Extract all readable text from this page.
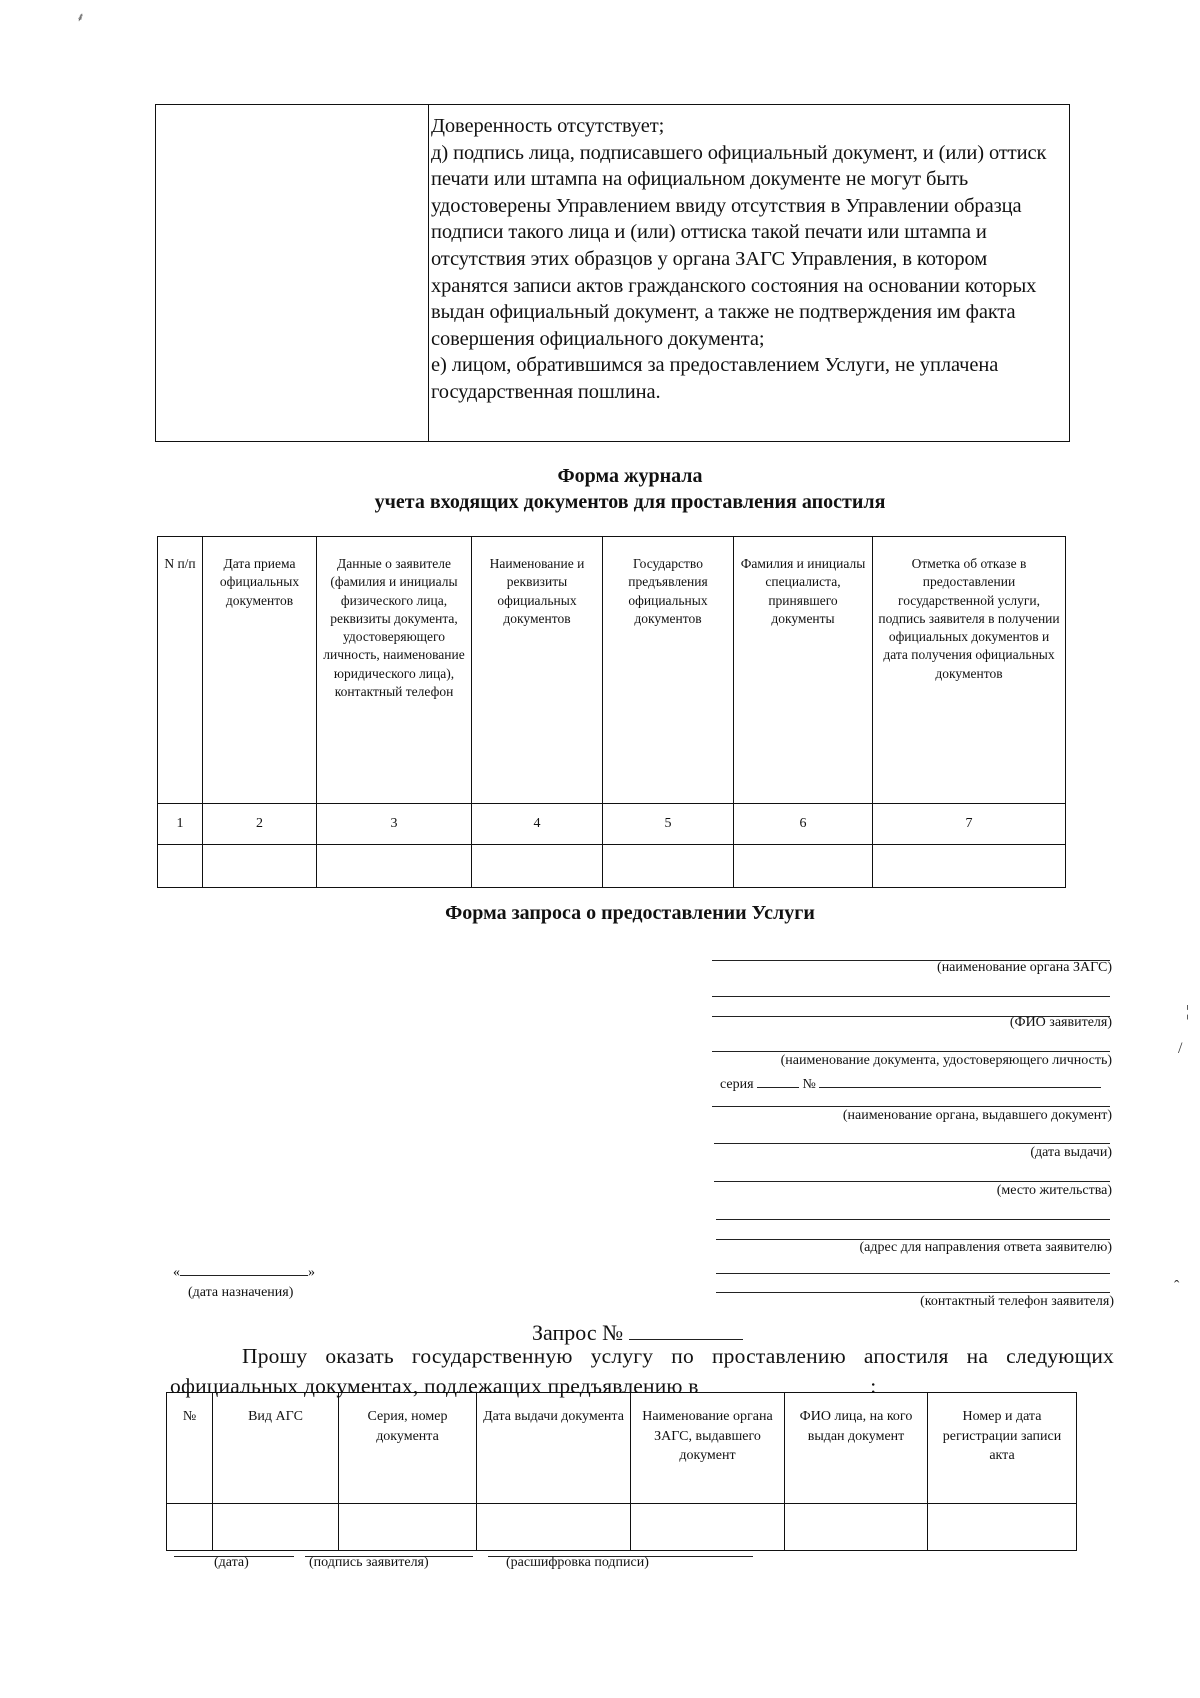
⸙
¦
/
ˆ

Доверенность отсутствует;

д) подпись лица, подписавшего официальный документ, и (или) оттиск печати или штампа на официальном документе не могут быть удостоверены Управлением ввиду отсутствия в Управлении образца подписи такого лица и (или) оттиска такой печати или штампа и отсутствия этих образцов у органа ЗАГС Управления, в котором хранятся записи актов гражданского состояния на основании которых выдан официальный документ, а также не подтверждения им факта совершения официального документа;

е) лицом, обратившимся за предоставлением Услуги, не уплачена государственная пошлина.

Форма журнала
учета входящих документов для проставления апостиля
N п/п	Дата приема официальных документов	Данные о заявителе (фамилия и инициалы физического лица, реквизиты документа, удостоверяющего личность, наименование юридического лица), контактный телефон	Наименование и реквизиты официальных документов	Государство предъявления официальных документов	Фамилия и инициалы специалиста, принявшего документы	Отметка об отказе в предоставлении государственной услуги, подпись заявителя в получении официальных документов и дата получения официальных документов
1	2	3	4	5	6	7

Форма запроса о предоставлении Услуги
(наименование органа ЗАГС)
(ФИО заявителя)
(наименование документа, удостоверяющего личность)
серия	№
(наименование органа, выдавшего документ)
(дата выдачи)
(место жительства)
(адрес для направления ответа заявителю)
(контактный телефон заявителя)
«	»
(дата назначения)
Запрос №
Прошу оказать государственную услугу по проставлению апостиля на следующих официальных документах, подлежащих предъявлению в	:
№	Вид АГС	Серия, номер документа	Дата выдачи документа	Наименование органа ЗАГС, выдавшего документ	ФИО лица, на кого выдан документ	Номер и дата регистрации записи акта

(дата)	(подпись заявителя)	(расшифровка подписи)
